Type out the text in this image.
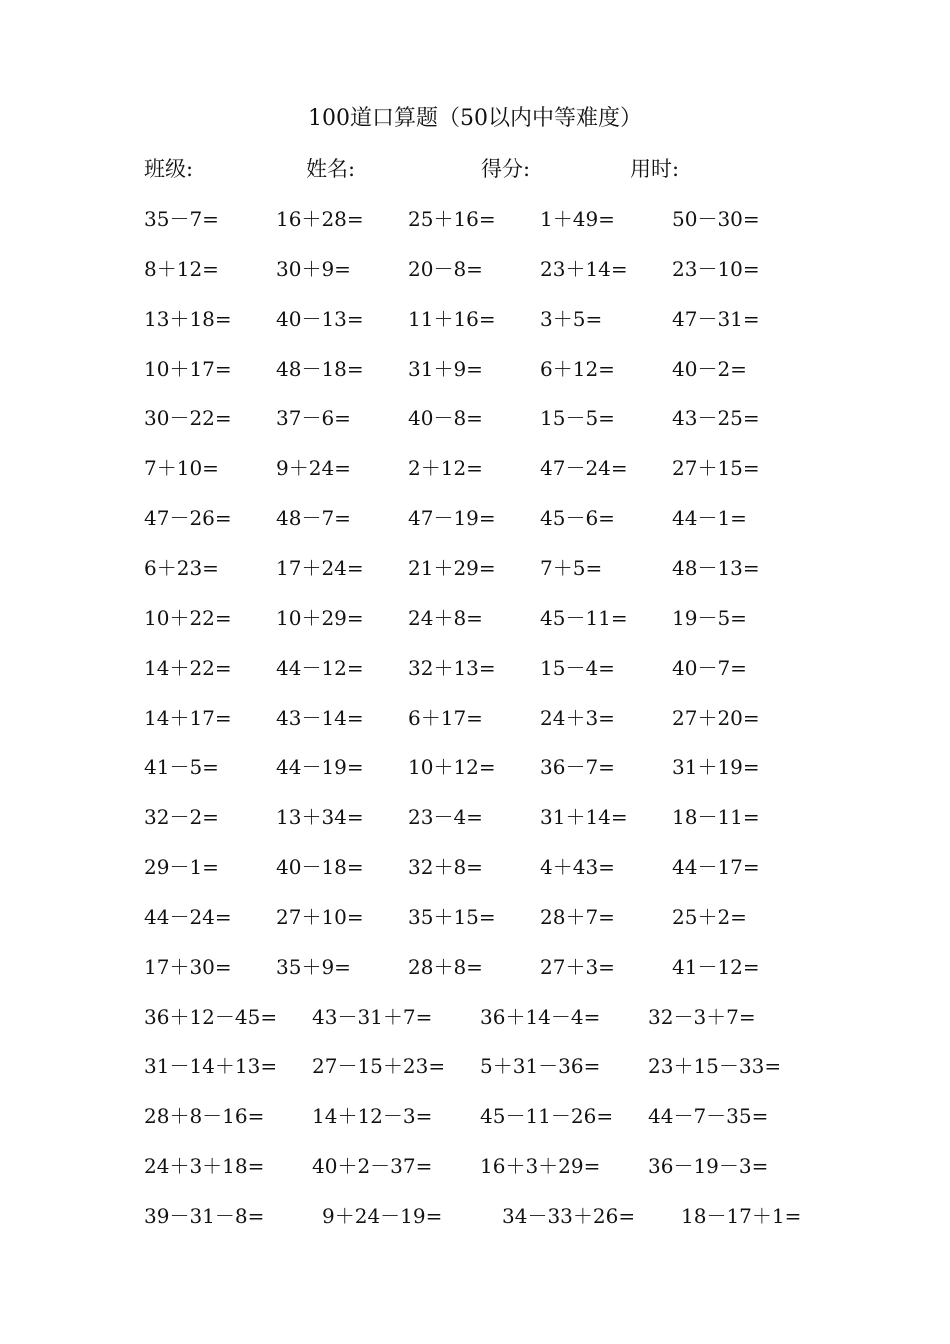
100道口算题（50以内中等难度）
班级:	姓名:	得分:	用时:
35－7=	16＋28= 25＋16= 1＋49=	50－30=
8＋12=	30＋9=	20－8=	23＋14= 23－10=
13＋18= 40－13= 11＋16= 3＋5=	47－31=
10＋17= 48－18= 31＋9=	6＋12=	40－2=
30－22= 37－6=	40－8=	15－5=	43－25=
7＋10=	9＋24=	2＋12=	47－24= 27＋15=
47－26= 48－7=	47－19= 45－6=	44－1=
6＋23=	17＋24= 21＋29= 7＋5=	48－13=
10＋22= 10＋29= 24＋8=	45－11= 19－5=
14＋22= 44－12= 32＋13= 15－4=	40－7=
14＋17= 43－14= 6＋17=	24＋3=	27＋20=
41－5=	44－19= 10＋12= 36－7=	31＋19=
32－2=	13＋34= 23－4=	31＋14= 18－11=
29－1=	40－18= 32＋8=	4＋43=	44－17=
44－24= 27＋10= 35＋15= 28＋7=	25＋2=
17＋30= 35＋9=	28＋8=	27＋3=	41－12=
36＋12－45= 43－31＋7= 36＋14－4= 32－3＋7=
31－14＋13= 27－15＋23= 5＋31－36= 23＋15－33=
28＋8－16= 14＋12－3= 45－11－26= 44－7－35=
24＋3＋18= 40＋2－37= 16＋3＋29= 36－19－3=
39－31－8=	9＋24－19=	34－33＋26= 18－17＋1=
